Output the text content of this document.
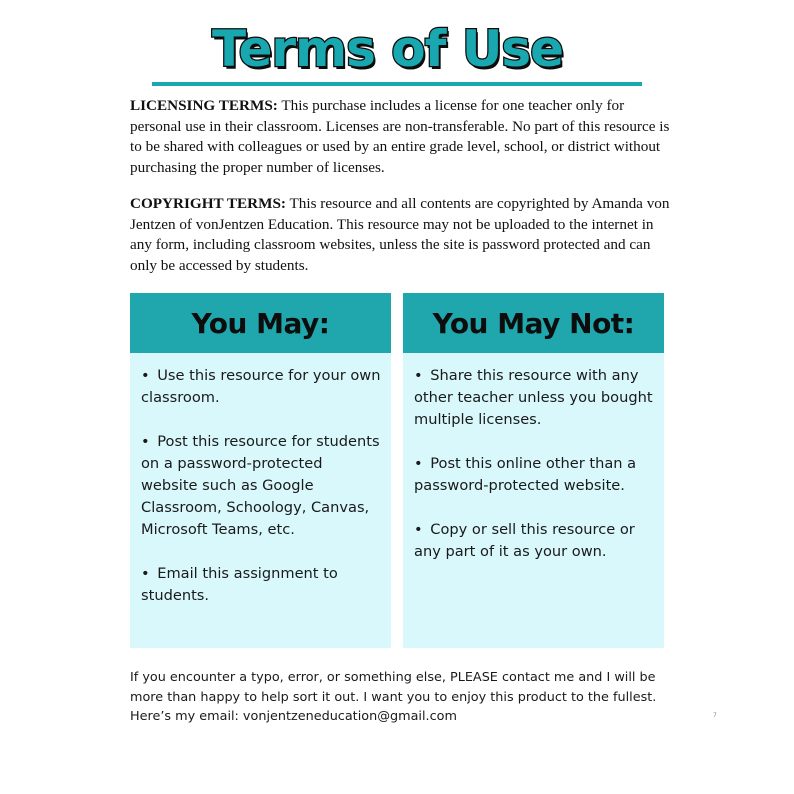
Terms of Use

LICENSING TERMS: This purchase includes a license for one teacher only for personal use in their classroom. Licenses are non-transferable. No part of this resource is to be shared with colleagues or used by an entire grade level, school, or district without purchasing the proper number of licenses.

COPYRIGHT TERMS: This resource and all contents are copyrighted by Amanda von Jentzen of vonJentzen Education. This resource may not be uploaded to the internet in any form, including classroom websites, unless the site is password protected and can only be accessed by students.

You May:
• Use this resource for your own classroom.
• Post this resource for students on a password-protected website such as Google Classroom, Schoology, Canvas, Microsoft Teams, etc.
• Email this assignment to students.
You May Not:
• Share this resource with any other teacher unless you bought multiple licenses.
• Post this online other than a password-protected website.
• Copy or sell this resource or any part of it as your own.

If you encounter a typo, error, or something else, PLEASE contact me and I will be more than happy to help sort it out. I want you to enjoy this product to the fullest. Here’s my email: vonjentzeneducation@gmail.com	7
